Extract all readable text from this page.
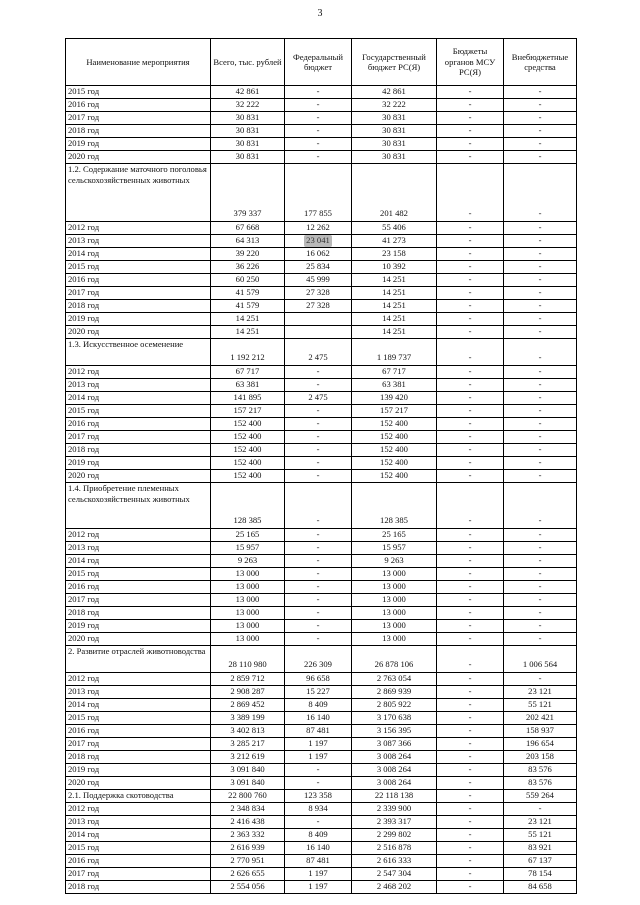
3
Наименование мероприятия	Всего, тыс. рублей	Федеральный бюджет	Государственный бюджет РС(Я)	Бюджеты органов МСУ РС(Я)	Внебюджетные средства
2015 год	42 861	-	42 861	-	-
2016 год	32 222	-	32 222	-	-
2017 год	30 831	-	30 831	-	-
2018 год	30 831	-	30 831	-	-
2019 год	30 831	-	30 831	-	-
2020 год	30 831	-	30 831	-	-
1.2. Содержание маточного поголовья сельскохозяйственных животных	379 337	177 855	201 482	-	-
2012 год	67 668	12 262	55 406	-	-
2013 год	64 313	23 041	41 273	-	-
2014 год	39 220	16 062	23 158	-	-
2015 год	36 226	25 834	10 392	-	-
2016 год	60 250	45 999	14 251	-	-
2017 год	41 579	27 328	14 251	-	-
2018 год	41 579	27 328	14 251	-	-
2019 год	14 251		14 251	-	-
2020 год	14 251		14 251	-	-
1.3. Искусственное осеменение	1 192 212	2 475	1 189 737	-	-
2012 год	67 717	-	67 717	-	-
2013 год	63 381	-	63 381	-	-
2014 год	141 895	2 475	139 420	-	-
2015 год	157 217	-	157 217	-	-
2016 год	152 400	-	152 400	-	-
2017 год	152 400	-	152 400	-	-
2018 год	152 400	-	152 400	-	-
2019 год	152 400	-	152 400	-	-
2020 год	152 400	-	152 400	-	-
1.4. Приобретение племенных сельскохозяйственных животных	128 385	-	128 385	-	-
2012 год	25 165	-	25 165	-	-
2013 год	15 957	-	15 957	-	-
2014 год	9 263	-	9 263	-	-
2015 год	13 000	-	13 000	-	-
2016 год	13 000	-	13 000	-	-
2017 год	13 000	-	13 000	-	-
2018 год	13 000	-	13 000	-	-
2019 год	13 000	-	13 000	-	-
2020 год	13 000	-	13 000	-	-
2. Развитие отраслей животноводства	28 110 980	226 309	26 878 106	-	1 006 564
2012 год	2 859 712	96 658	2 763 054	-	-
2013 год	2 908 287	15 227	2 869 939	-	23 121
2014 год	2 869 452	8 409	2 805 922	-	55 121
2015 год	3 389 199	16 140	3 170 638	-	202 421
2016 год	3 402 813	87 481	3 156 395	-	158 937
2017 год	3 285 217	1 197	3 087 366	-	196 654
2018 год	3 212 619	1 197	3 008 264	-	203 158
2019 год	3 091 840	-	3 008 264	-	83 576
2020 год	3 091 840	-	3 008 264	-	83 576
2.1. Поддержка скотоводства	22 800 760	123 358	22 118 138	-	559 264
2012 год	2 348 834	8 934	2 339 900	-	-
2013 год	2 416 438	-	2 393 317	-	23 121
2014 год	2 363 332	8 409	2 299 802	-	55 121
2015 год	2 616 939	16 140	2 516 878	-	83 921
2016 год	2 770 951	87 481	2 616 333	-	67 137
2017 год	2 626 655	1 197	2 547 304	-	78 154
2018 год	2 554 056	1 197	2 468 202	-	84 658
